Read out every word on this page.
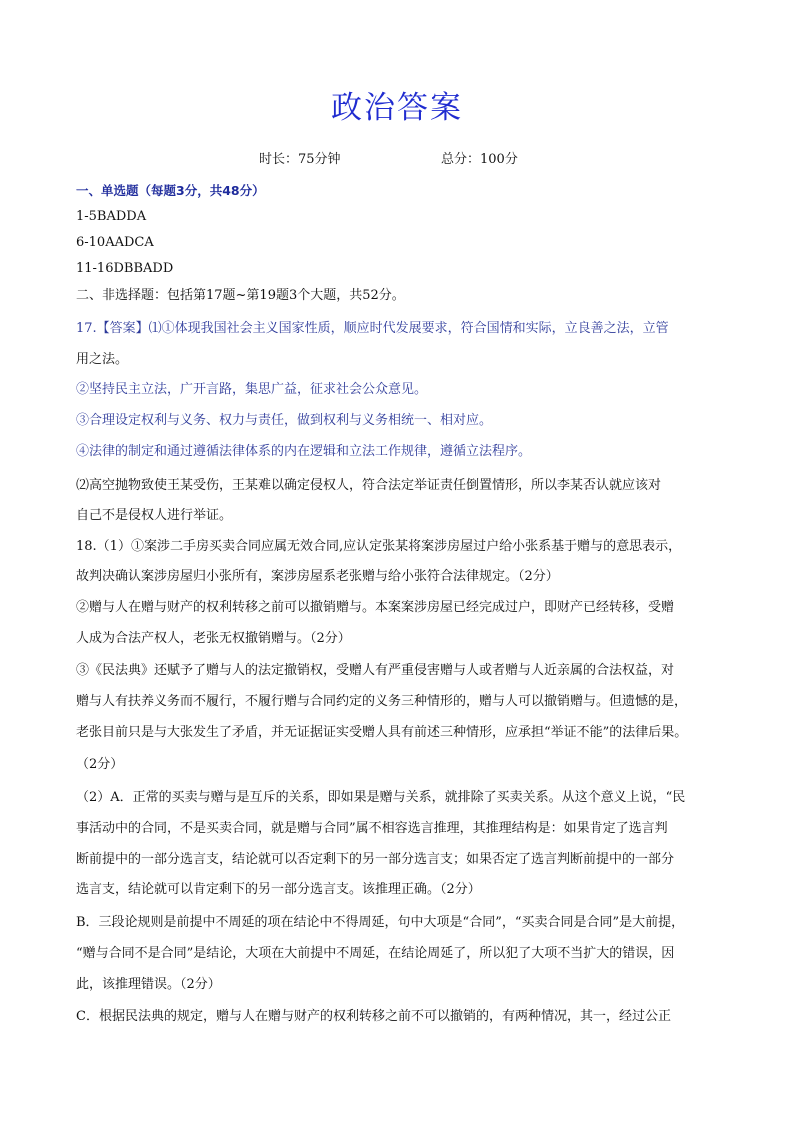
政治答案
时长：75分钟	总分：100分
一、单选题（每题3分，共48分）
1-5BADDA
6-10AADCA
11-16DBBADD
二、非选择题：包括第17题~第19题3个大题，共52分。
17.【答案】⑴①体现我国社会主义国家性质，顺应时代发展要求，符合国情和实际，立良善之法，立管
用之法。
②坚持民主立法，广开言路，集思广益，征求社会公众意见。
③合理设定权利与义务、权力与责任，做到权利与义务相统一、相对应。
④法律的制定和通过遵循法律体系的内在逻辑和立法工作规律，遵循立法程序。
⑵高空抛物致使王某受伤，王某难以确定侵权人，符合法定举证责任倒置情形，所以李某否认就应该对
自己不是侵权人进行举证。
18.（1）①案涉二手房买卖合同应属无效合同,应认定张某将案涉房屋过户给小张系基于赠与的意思表示，
故判决确认案涉房屋归小张所有，案涉房屋系老张赠与给小张符合法律规定。（2分）
②赠与人在赠与财产的权利转移之前可以撤销赠与。本案案涉房屋已经完成过户，即财产已经转移，受赠
人成为合法产权人，老张无权撤销赠与。（2分）
③《民法典》还赋予了赠与人的法定撤销权，受赠人有严重侵害赠与人或者赠与人近亲属的合法权益，对
赠与人有扶养义务而不履行，不履行赠与合同约定的义务三种情形的，赠与人可以撤销赠与。但遗憾的是，
老张目前只是与大张发生了矛盾，并无证据证实受赠人具有前述三种情形，应承担“举证不能”的法律后果。
（2分）
（2）A．正常的买卖与赠与是互斥的关系，即如果是赠与关系，就排除了买卖关系。从这个意义上说，“民
事活动中的合同，不是买卖合同，就是赠与合同”属不相容选言推理，其推理结构是：如果肯定了选言判
断前提中的一部分选言支，结论就可以否定剩下的另一部分选言支；如果否定了选言判断前提中的一部分
选言支，结论就可以肯定剩下的另一部分选言支。该推理正确。（2分）
B．三段论规则是前提中不周延的项在结论中不得周延，句中大项是“合同”，“买卖合同是合同”是大前提，
“赠与合同不是合同”是结论，大项在大前提中不周延，在结论周延了，所以犯了大项不当扩大的错误，因
此，该推理错误。（2分）
C．根据民法典的规定，赠与人在赠与财产的权利转移之前不可以撤销的，有两种情况，其一，经过公正
